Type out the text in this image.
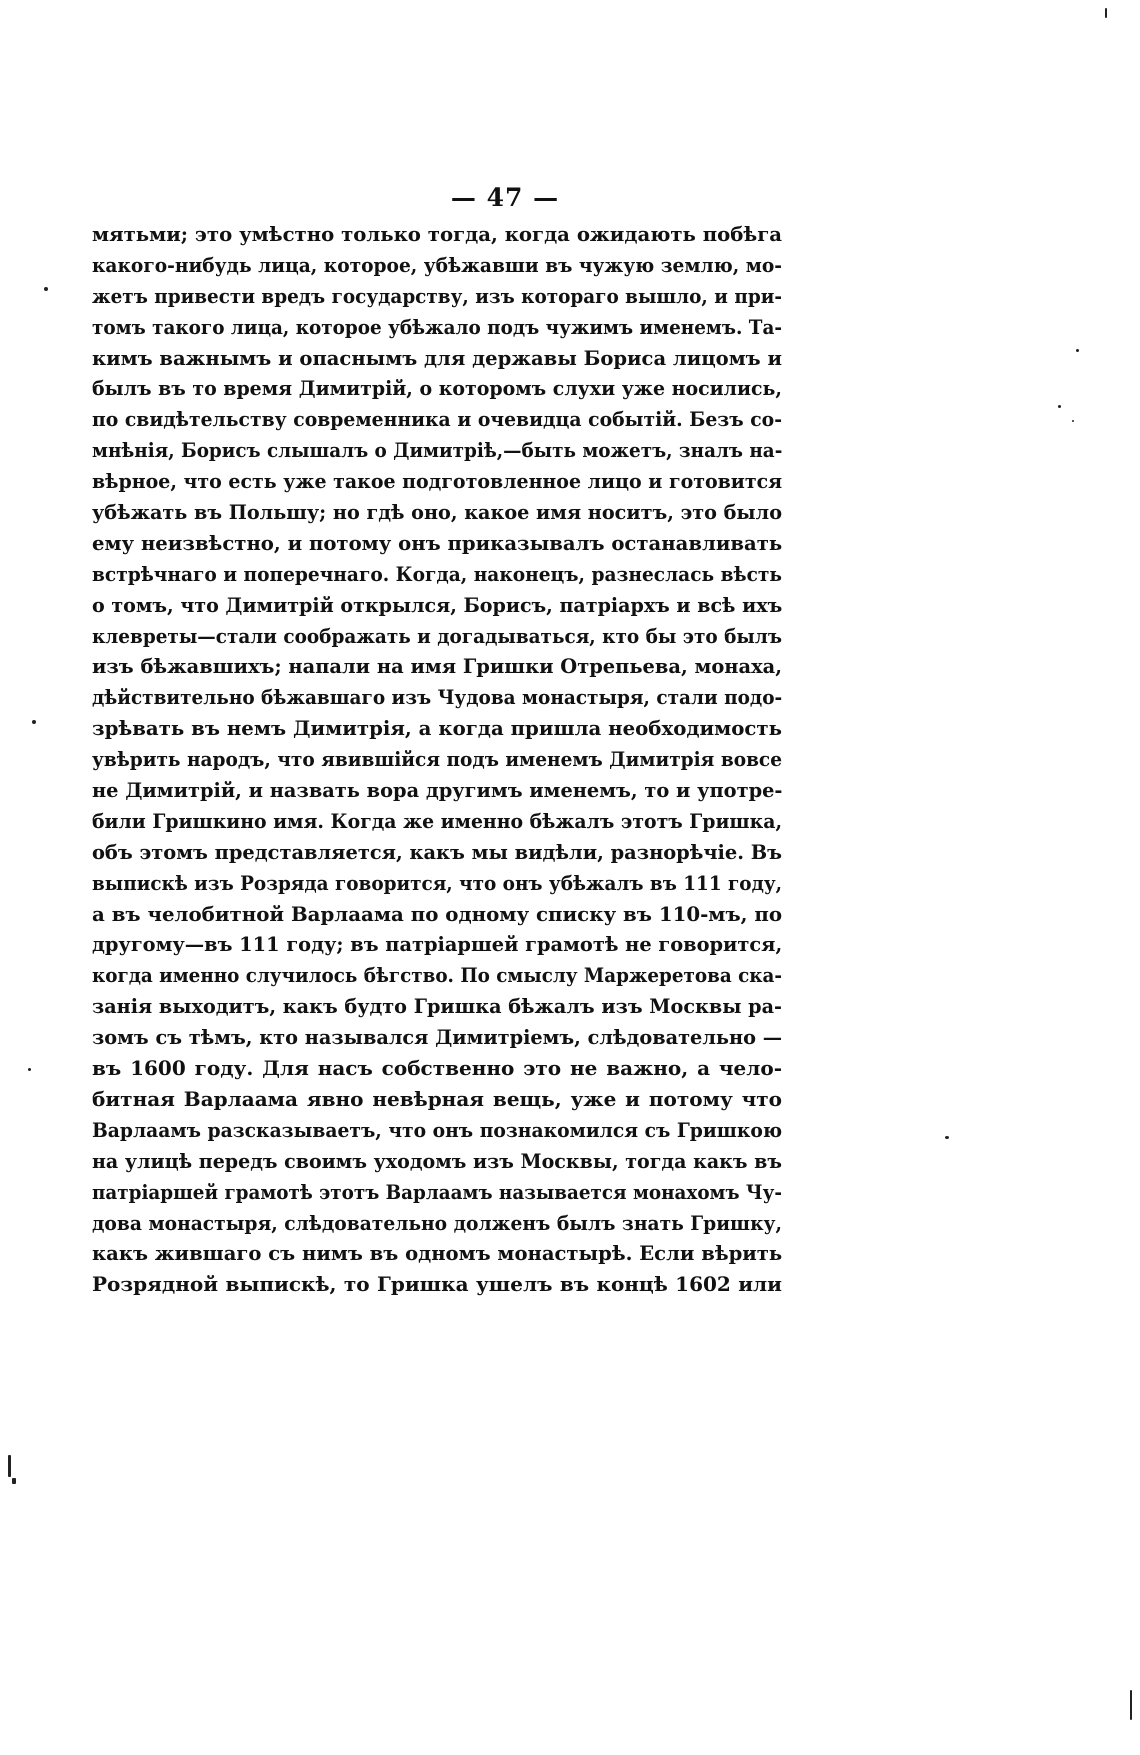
— 47 —
мятьми; это умѣстно только тогда, когда ожидають побѣга
какого-нибудь лица, которое, убѣжавши въ чужую землю, мо-
жетъ привести вредъ государству, изъ котораго вышло, и при-
томъ такого лица, которое убѣжало подъ чужимъ именемъ. Та-
кимъ важнымъ и опаснымъ для державы Бориса лицомъ и
былъ въ то время Димитрій, о которомъ слухи уже носились,
по свидѣтельству современника и очевидца событій. Безъ со-
мнѣнія, Борисъ слышалъ о Димитріѣ,—быть можетъ, зналъ на-
вѣрное, что есть уже такое подготовленное лицо и готовится
убѣжать въ Польшу; но гдѣ оно, какое имя носитъ, это было
ему неизвѣстно, и потому онъ приказывалъ останавливать
встрѣчнаго и поперечнаго. Когда, наконецъ, разнеслась вѣсть
о томъ, что Димитрій открылся, Борисъ, патріархъ и всѣ ихъ
клевреты—стали соображать и догадываться, кто бы это былъ
изъ бѣжавшихъ; напали на имя Гришки Отрепьева, монаха,
дѣйствительно бѣжавшаго изъ Чудова монастыря, стали подо-
зрѣвать въ немъ Димитрія, а когда пришла необходимость
увѣрить народъ, что явившійся подъ именемъ Димитрія вовсе
не Димитрій, и назвать вора другимъ именемъ, то и употре-
били Гришкино имя. Когда же именно бѣжалъ этотъ Гришка,
объ этомъ представляется, какъ мы видѣли, разнорѣчіе. Въ
выпискѣ изъ Розряда говорится, что онъ убѣжалъ въ 111 году,
а въ челобитной Варлаама по одному списку въ 110-мъ, по
другому—въ 111 году; въ патріаршей грамотѣ не говорится,
когда именно случилось бѣгство. По смыслу Маржеретова ска-
занія выходитъ, какъ будто Гришка бѣжалъ изъ Москвы ра-
зомъ съ тѣмъ, кто назывался Димитріемъ, слѣдовательно —
въ 1600 году. Для насъ собственно это не важно, а чело-
битная Варлаама явно невѣрная вещь, уже и потому что
Варлаамъ разсказываетъ, что онъ познакомился съ Гришкою
на улицѣ передъ своимъ уходомъ изъ Москвы, тогда какъ въ
патріаршей грамотѣ этотъ Варлаамъ называется монахомъ Чу-
дова монастыря, слѣдовательно долженъ былъ знать Гришку,
какъ жившаго съ нимъ въ одномъ монастырѣ. Если вѣрить
Розрядной выпискѣ, то Гришка ушелъ въ концѣ 1602 или
